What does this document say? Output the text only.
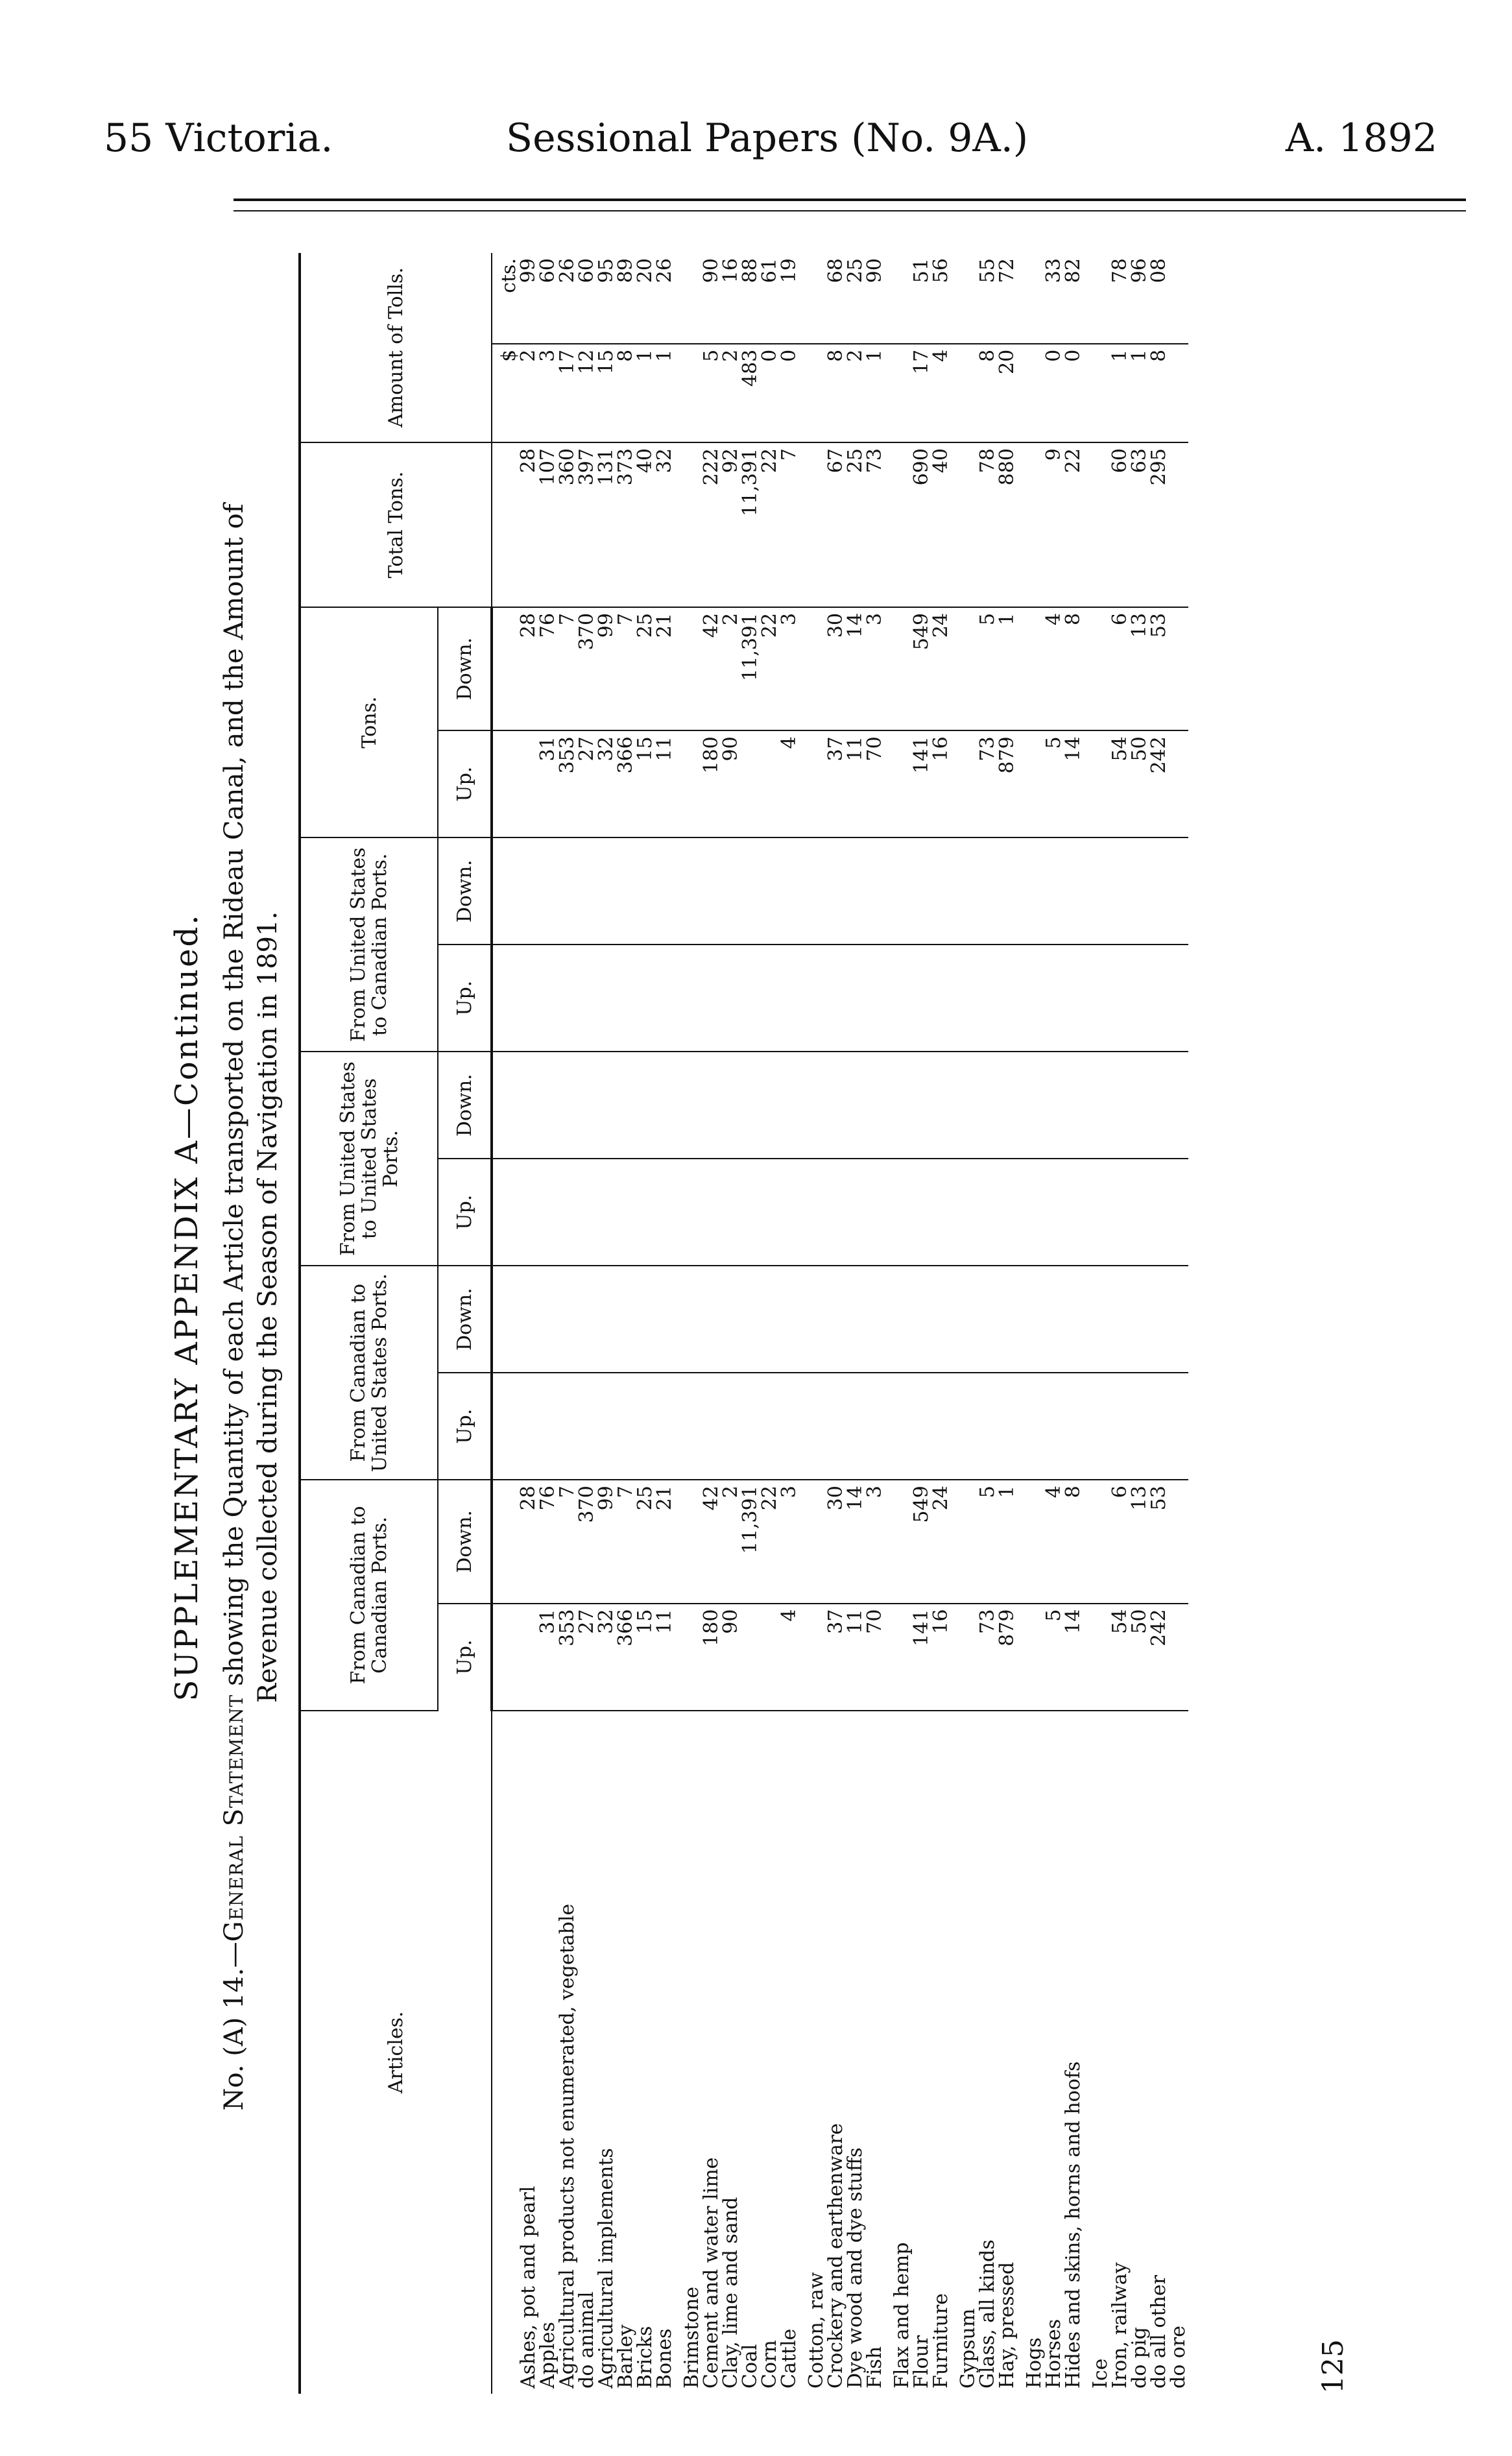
55 Victoria.	Sessional Papers (No. 9A.)	A. 1892
SUPPLEMENTARY APPENDIX A—Continued.
No. (A) 14.—General Statement showing the Quantity of each Article transported on the Rideau Canal, and the Amount of Revenue collected during the Season of Navigation in 1891.
Articles.	From Canadian to Canadian Ports.		From Canadian to United States Ports.		From United States to United States Ports.		From United States to Canadian Ports.		Tons.		Total Tons.	Amount of Tolls.	
	Up.	Down.	Up.	Down.	Up.	Down.	Up.	Down.	Up.	Down.			
												$	cts.
Ashes, pot and pearl		28								28	28	2	99
Apples	31	76							31	76	107	3	60
Agricultural products not enumerated, vegetable	353	7							353	7	360	17	26
do animal	27	370							27	370	397	12	60
Agricultural implements	32	99							32	99	131	15	95
Barley	366	7							366	7	373	8	89
Bricks	15	25							15	25	40	1	20
Bones	11	21							11	21	32	1	26

Brimstone													
Cement and water lime	180	42							180	42	222	5	90
Clay, lime and sand	90	2							90	2	92	2	16
Coal		11,391								11,391	11,391	483	88
Corn		22								22	22	0	61
Cattle	4	3							4	3	7	0	19

Cotton, raw													
Crockery and earthenware	37	30							37	30	67	8	68
Dye wood and dye stuffs	11	14							11	14	25	2	25
Fish	70	3							70	3	73	1	90

Flax and hemp													
Flour	141	549							141	549	690	17	51
Furniture	16	24							16	24	40	4	56

Gypsum													
Glass, all kinds	73	5							73	5	78	8	55
Hay, pressed	879	1							879	1	880	20	72

Hogs													
Horses	5	4							5	4	9	0	33
Hides and skins, horns and hoofs	14	8							14	8	22	0	82

Ice													
Iron, railway	54	6							54	6	60	1	78
do pig	50	13							50	13	63	1	96
do all other	242	53							242	53	295	8	08
do ore														125
